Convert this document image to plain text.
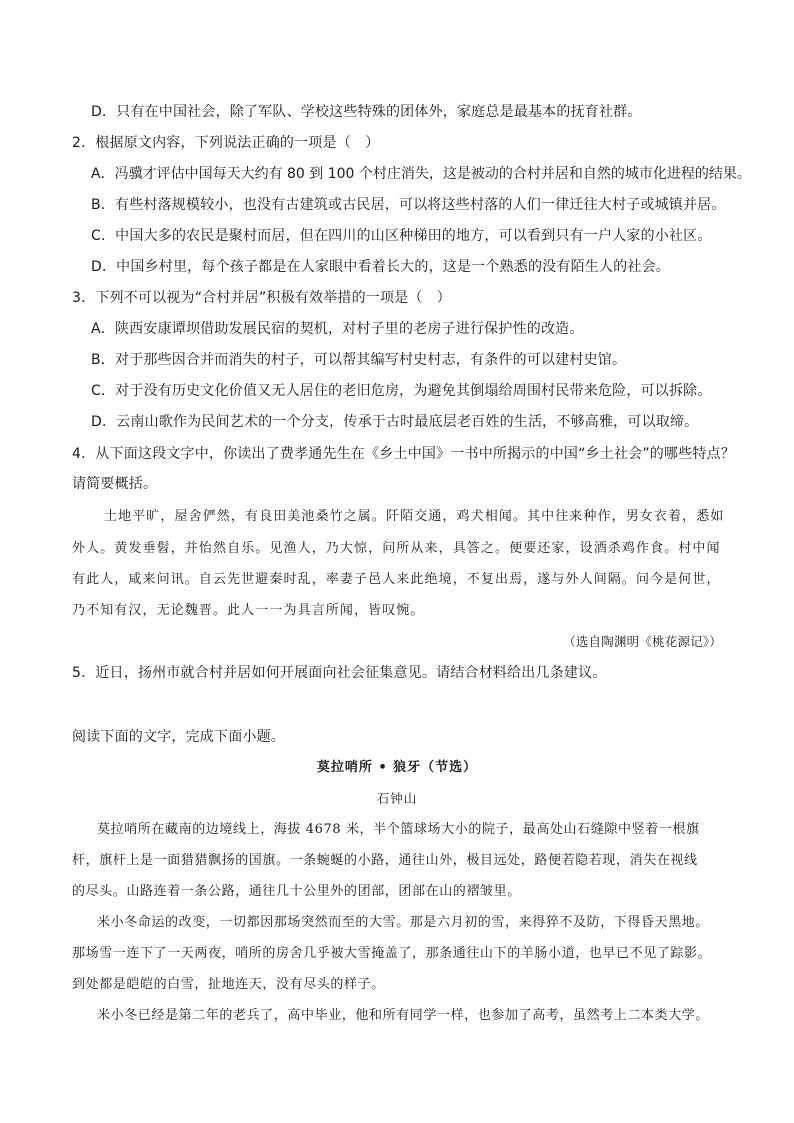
D．只有在中国社会，除了军队、学校这些特殊的团体外，家庭总是最基本的抚育社群。
2．根据原文内容，下列说法正确的一项是（　）
A．冯骥才评估中国每天大约有 80 到 100 个村庄消失，这是被动的合村并居和自然的城市化进程的结果。
B．有些村落规模较小，也没有古建筑或古民居，可以将这些村落的人们一律迁往大村子或城镇并居。
C．中国大多的农民是聚村而居，但在四川的山区种梯田的地方，可以看到只有一户人家的小社区。
D．中国乡村里，每个孩子都是在人家眼中看着长大的，这是一个熟悉的没有陌生人的社会。
3．下列不可以视为“合村并居”积极有效举措的一项是（　）
A．陕西安康谭坝借助发展民宿的契机，对村子里的老房子进行保护性的改造。
B．对于那些因合并而消失的村子，可以帮其编写村史村志，有条件的可以建村史馆。
C．对于没有历史文化价值又无人居住的老旧危房，为避免其倒塌给周围村民带来危险，可以拆除。
D．云南山歌作为民间艺术的一个分支，传承于古时最底层老百姓的生活，不够高雅，可以取缔。
4．从下面这段文字中，你读出了费孝通先生在《乡土中国》一书中所揭示的中国“乡土社会”的哪些特点？
请简要概括。
土地平旷，屋舍俨然，有良田美池桑竹之属。阡陌交通，鸡犬相闻。其中往来种作，男女衣着，悉如
外人。黄发垂髫，并怡然自乐。见渔人，乃大惊，问所从来，具答之。便要还家，设酒杀鸡作食。村中闻
有此人，咸来问讯。自云先世避秦时乱，率妻子邑人来此绝境，不复出焉，遂与外人间隔。问今是何世，
乃不知有汉，无论魏晋。此人一一为具言所闻，皆叹惋。
（选自陶渊明《桃花源记》）
5．近日，扬州市就合村并居如何开展面向社会征集意见。请结合材料给出几条建议。
阅读下面的文字，完成下面小题。
莫拉哨所 • 狼牙（节选）
石钟山
莫拉哨所在藏南的边境线上，海拔 4678 米，半个篮球场大小的院子，最高处山石缝隙中竖着一根旗
杆，旗杆上是一面猎猎飘扬的国旗。一条蜿蜒的小路，通往山外，极目远处，路便若隐若现，消失在视线
的尽头。山路连着一条公路，通往几十公里外的团部，团部在山的褶皱里。
米小冬命运的改变，一切都因那场突然而至的大雪。那是六月初的雪，来得猝不及防，下得昏天黑地。
那场雪一连下了一天两夜，哨所的房舍几乎被大雪掩盖了，那条通往山下的羊肠小道，也早已不见了踪影。
到处都是皑皑的白雪，扯地连天，没有尽头的样子。
米小冬已经是第二年的老兵了，高中毕业，他和所有同学一样，也参加了高考，虽然考上二本类大学。
